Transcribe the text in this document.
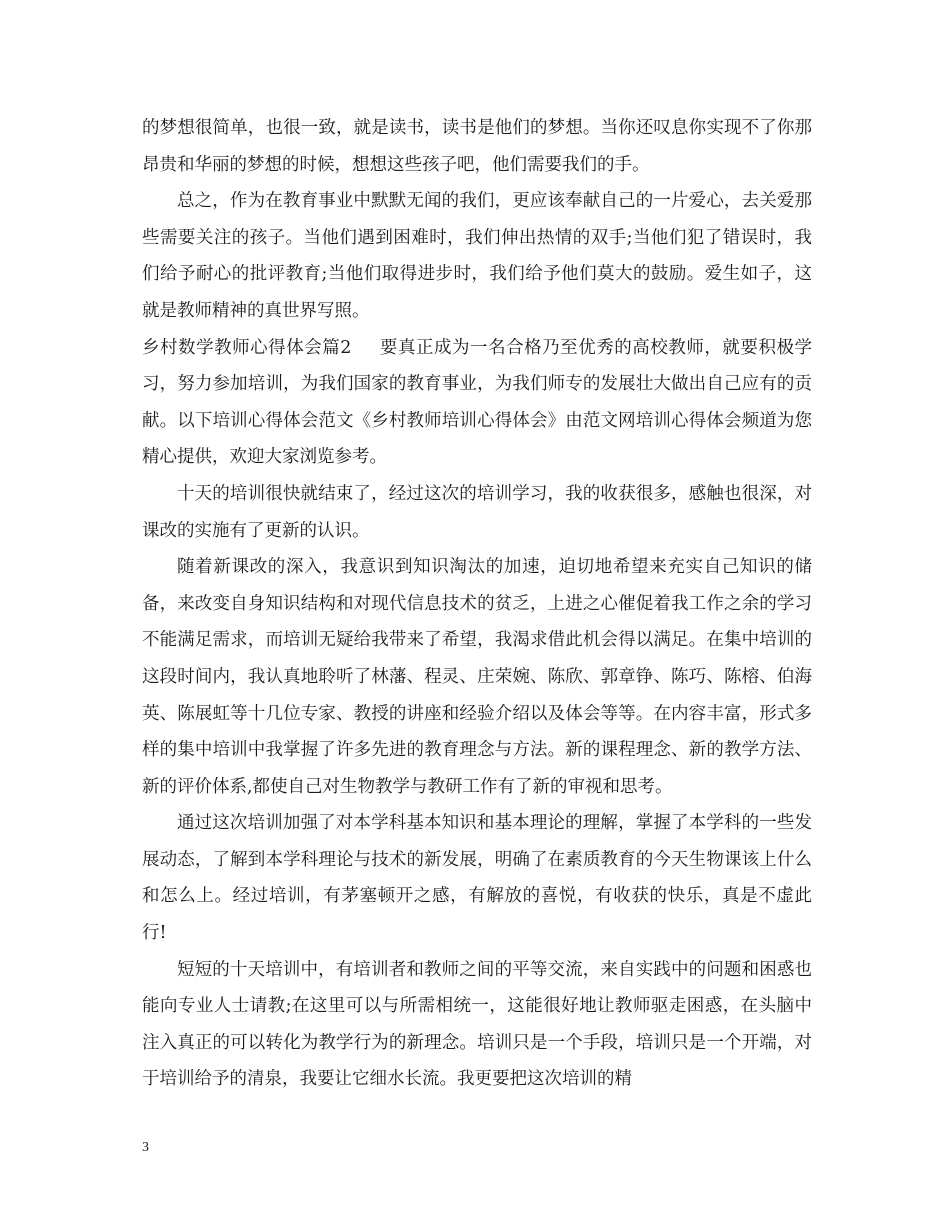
的梦想很简单，也很一致，就是读书，读书是他们的梦想。当你还叹息你实现不了你那昂贵和华丽的梦想的时候，想想这些孩子吧，他们需要我们的手。

总之，作为在教育事业中默默无闻的我们，更应该奉献自己的一片爱心，去关爱那些需要关注的孩子。当他们遇到困难时，我们伸出热情的双手;当他们犯了错误时，我们给予耐心的批评教育;当他们取得进步时，我们给予他们莫大的鼓励。爱生如子，这就是教师精神的真世界写照。

乡村数学教师心得体会篇2 要真正成为一名合格乃至优秀的高校教师，就要积极学习，努力参加培训，为我们国家的教育事业，为我们师专的发展壮大做出自己应有的贡献。以下培训心得体会范文《乡村教师培训心得体会》由范文网培训心得体会频道为您精心提供，欢迎大家浏览参考。

十天的培训很快就结束了，经过这次的培训学习，我的收获很多，感触也很深，对课改的实施有了更新的认识。

随着新课改的深入，我意识到知识淘汰的加速，迫切地希望来充实自己知识的储备，来改变自身知识结构和对现代信息技术的贫乏，上进之心催促着我工作之余的学习不能满足需求，而培训无疑给我带来了希望，我渴求借此机会得以满足。在集中培训的这段时间内，我认真地聆听了林藩、程灵、庄荣婉、陈欣、郭章铮、陈巧、陈榕、伯海英、陈展虹等十几位专家、教授的讲座和经验介绍以及体会等等。在内容丰富，形式多样的集中培训中我掌握了许多先进的教育理念与方法。新的课程理念、新的教学方法、新的评价体系,都使自己对生物教学与教研工作有了新的审视和思考。

通过这次培训加强了对本学科基本知识和基本理论的理解，掌握了本学科的一些发展动态，了解到本学科理论与技术的新发展，明确了在素质教育的今天生物课该上什么和怎么上。经过培训，有茅塞顿开之感，有解放的喜悦，有收获的快乐，真是不虚此行!

短短的十天培训中，有培训者和教师之间的平等交流，来自实践中的问题和困惑也能向专业人士请教;在这里可以与所需相统一，这能很好地让教师驱走困惑，在头脑中注入真正的可以转化为教学行为的新理念。培训只是一个手段，培训只是一个开端，对于培训给予的清泉，我要让它细水长流。我更要把这次培训的精

3
